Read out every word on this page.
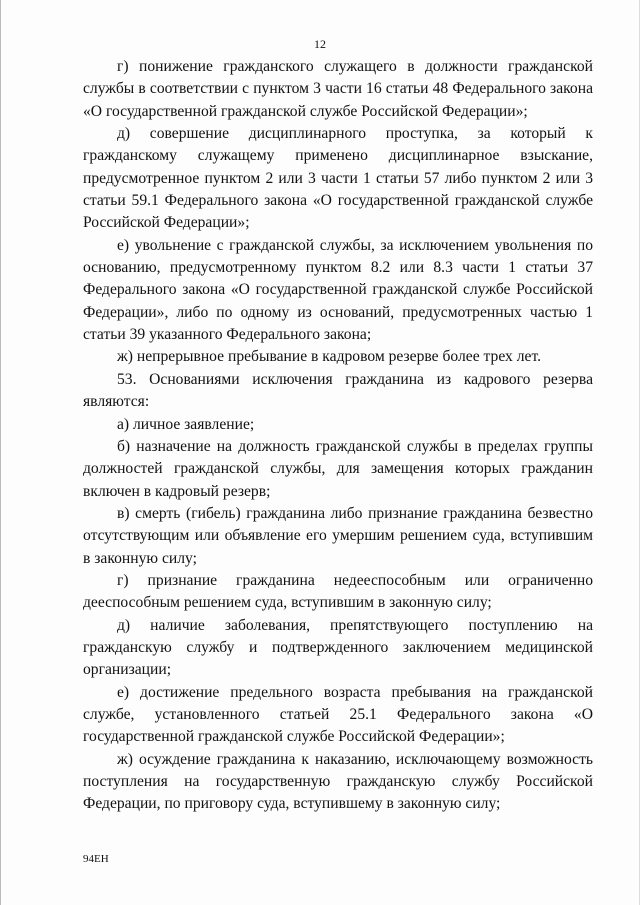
12

г) понижение гражданского служащего в должности гражданской службы в соответствии с пунктом 3 части 16 статьи 48 Федерального закона «О государственной гражданской службе Российской Федерации»;

д) совершение дисциплинарного проступка, за который к гражданскому служащему применено дисциплинарное взыскание, предусмотренное пунктом 2 или 3 части 1 статьи 57 либо пунктом 2 или 3 статьи 59.1 Федерального закона «О государственной гражданской службе Российской Федерации»;

е) увольнение с гражданской службы, за исключением увольнения по основанию, предусмотренному пунктом 8.2 или 8.3 части 1 статьи 37 Федерального закона «О государственной гражданской службе Российской Федерации», либо по одному из оснований, предусмотренных частью 1 статьи 39 указанного Федерального закона;

ж) непрерывное пребывание в кадровом резерве более трех лет.

53. Основаниями исключения гражданина из кадрового резерва являются:

а) личное заявление;

б) назначение на должность гражданской службы в пределах группы должностей гражданской службы, для замещения которых гражданин включен в кадровый резерв;

в) смерть (гибель) гражданина либо признание гражданина безвестно отсутствующим или объявление его умершим решением суда, вступившим в законную силу;

г) признание гражданина недееспособным или ограниченно дееспособным решением суда, вступившим в законную силу;

д) наличие заболевания, препятствующего поступлению на гражданскую службу и подтвержденного заключением медицинской организации;

е) достижение предельного возраста пребывания на гражданской службе, установленного статьей 25.1 Федерального закона «О государственной гражданской службе Российской Федерации»;

ж) осуждение гражданина к наказанию, исключающему возможность поступления на государственную гражданскую службу Российской Федерации, по приговору суда, вступившему в законную силу;

94ЕН
